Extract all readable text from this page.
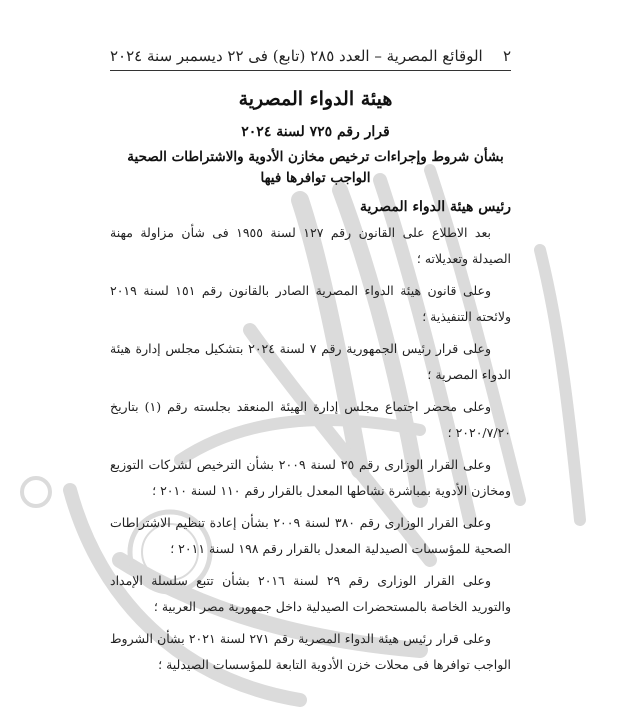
٢
الوقائع المصرية – العدد ٢٨٥ (تابع) فى ٢٢ ديسمبر سنة ٢٠٢٤
هيئة الدواء المصرية
قرار رقم ٧٢٥ لسنة ٢٠٢٤
بشأن شروط وإجراءات ترخيص مخازن الأدوية والاشتراطات الصحية الواجب توافرها فيها
رئيس هيئة الدواء المصرية

بعد الاطلاع على القانون رقم ١٢٧ لسنة ١٩٥٥ فى شأن مزاولة مهنة الصيدلة وتعديلاته ؛

وعلى قانون هيئة الدواء المصرية الصادر بالقانون رقم ١٥١ لسنة ٢٠١٩ ولائحته التنفيذية ؛

وعلى قرار رئيس الجمهورية رقم ٧ لسنة ٢٠٢٤ بتشكيل مجلس إدارة هيئة الدواء المصرية ؛

وعلى محضر اجتماع مجلس إدارة الهيئة المنعقد بجلسته رقم (١) بتاريخ ٢٠٢٠/٧/٢٠ ؛

وعلى القرار الوزارى رقم ٢٥ لسنة ٢٠٠٩ بشأن الترخيص لشركات التوزيع ومخازن الأدوية بمباشرة نشاطها المعدل بالقرار رقم ١١٠ لسنة ٢٠١٠ ؛

وعلى القرار الوزارى رقم ٣٨٠ لسنة ٢٠٠٩ بشأن إعادة تنظيم الاشتراطات الصحية للمؤسسات الصيدلية المعدل بالقرار رقم ١٩٨ لسنة ٢٠١١ ؛

وعلى القرار الوزارى رقم ٢٩ لسنة ٢٠١٦ بشأن تتبع سلسلة الإمداد والتوريد الخاصة بالمستحضرات الصيدلية داخل جمهورية مصر العربية ؛

وعلى قرار رئيس هيئة الدواء المصرية رقم ٢٧١ لسنة ٢٠٢١ بشأن الشروط الواجب توافرها فى محلات خزن الأدوية التابعة للمؤسسات الصيدلية ؛
